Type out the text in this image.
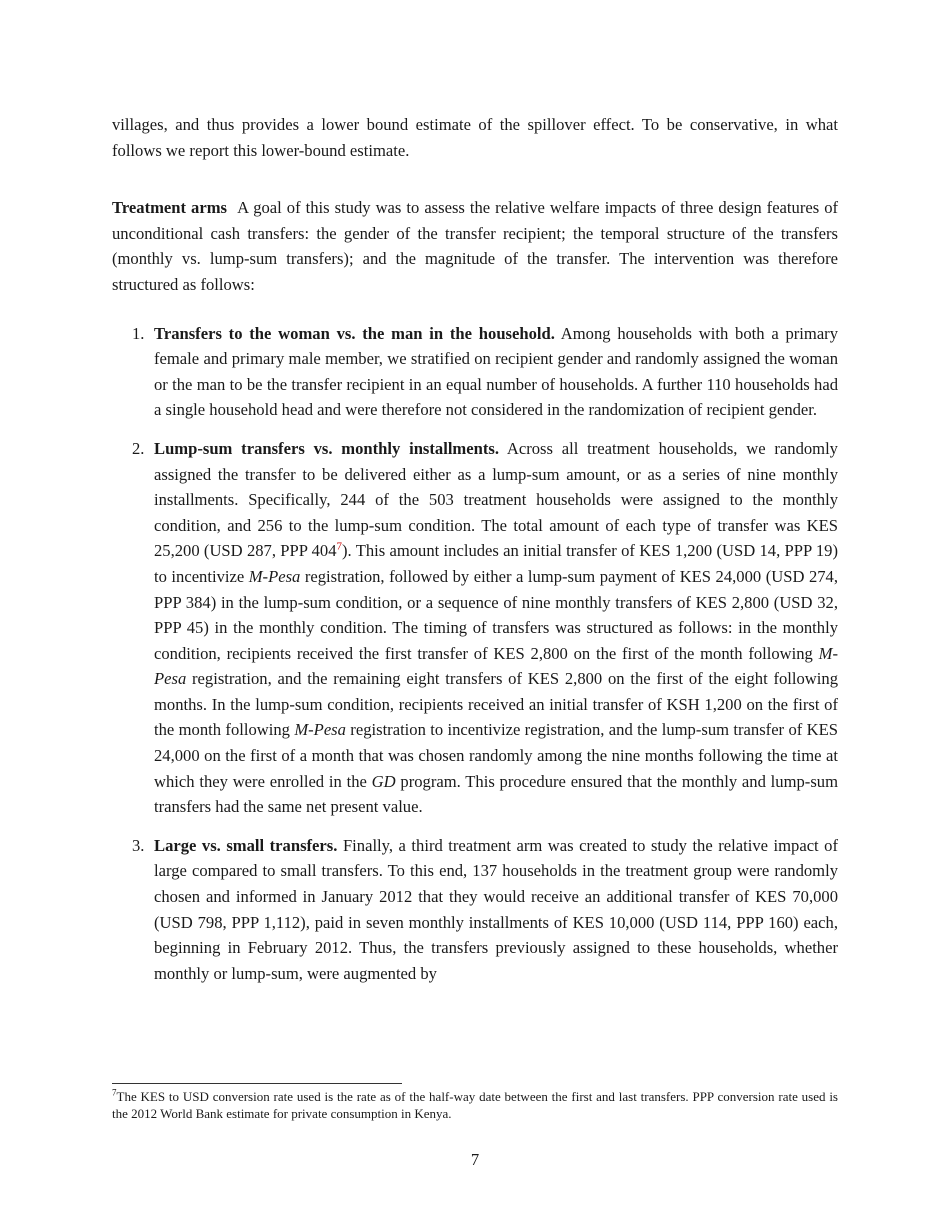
villages, and thus provides a lower bound estimate of the spillover effect. To be conservative, in what follows we report this lower-bound estimate.

Treatment arms A goal of this study was to assess the relative welfare impacts of three design features of unconditional cash transfers: the gender of the transfer recipient; the temporal structure of the transfers (monthly vs. lump-sum transfers); and the magnitude of the transfer. The intervention was therefore structured as follows:

1. Transfers to the woman vs. the man in the household. Among households with both a primary female and primary male member, we stratified on recipient gender and randomly assigned the woman or the man to be the transfer recipient in an equal number of households. A further 110 households had a single household head and were therefore not considered in the randomization of recipient gender.
2. Lump-sum transfers vs. monthly installments. Across all treatment households, we randomly assigned the transfer to be delivered either as a lump-sum amount, or as a series of nine monthly installments. Specifically, 244 of the 503 treatment households were assigned to the monthly condition, and 256 to the lump-sum condition. The total amount of each type of transfer was KES 25,200 (USD 287, PPP 404$^7$). This amount includes an initial transfer of KES 1,200 (USD 14, PPP 19) to incentivize M-Pesa registration, followed by either a lump-sum payment of KES 24,000 (USD 274, PPP 384) in the lump-sum condition, or a sequence of nine monthly transfers of KES 2,800 (USD 32, PPP 45) in the monthly condition. The timing of transfers was structured as follows: in the monthly condition, recipients received the first transfer of KES 2,800 on the first of the month following M-Pesa registration, and the remaining eight transfers of KES 2,800 on the first of the eight following months. In the lump-sum condition, recipients received an initial transfer of KSH 1,200 on the first of the month following M-Pesa registration to incentivize registration, and the lump-sum transfer of KES 24,000 on the first of a month that was chosen randomly among the nine months following the time at which they were enrolled in the GD program. This procedure ensured that the monthly and lump-sum transfers had the same net present value.
3. Large vs. small transfers. Finally, a third treatment arm was created to study the relative impact of large compared to small transfers. To this end, 137 households in the treatment group were randomly chosen and informed in January 2012 that they would receive an additional transfer of KES 70,000 (USD 798, PPP 1,112), paid in seven monthly installments of KES 10,000 (USD 114, PPP 160) each, beginning in February 2012. Thus, the transfers previously assigned to these households, whether monthly or lump-sum, were augmented by
$^7$The KES to USD conversion rate used is the rate as of the half-way date between the first and last transfers. PPP conversion rate used is the 2012 World Bank estimate for private consumption in Kenya.
7
